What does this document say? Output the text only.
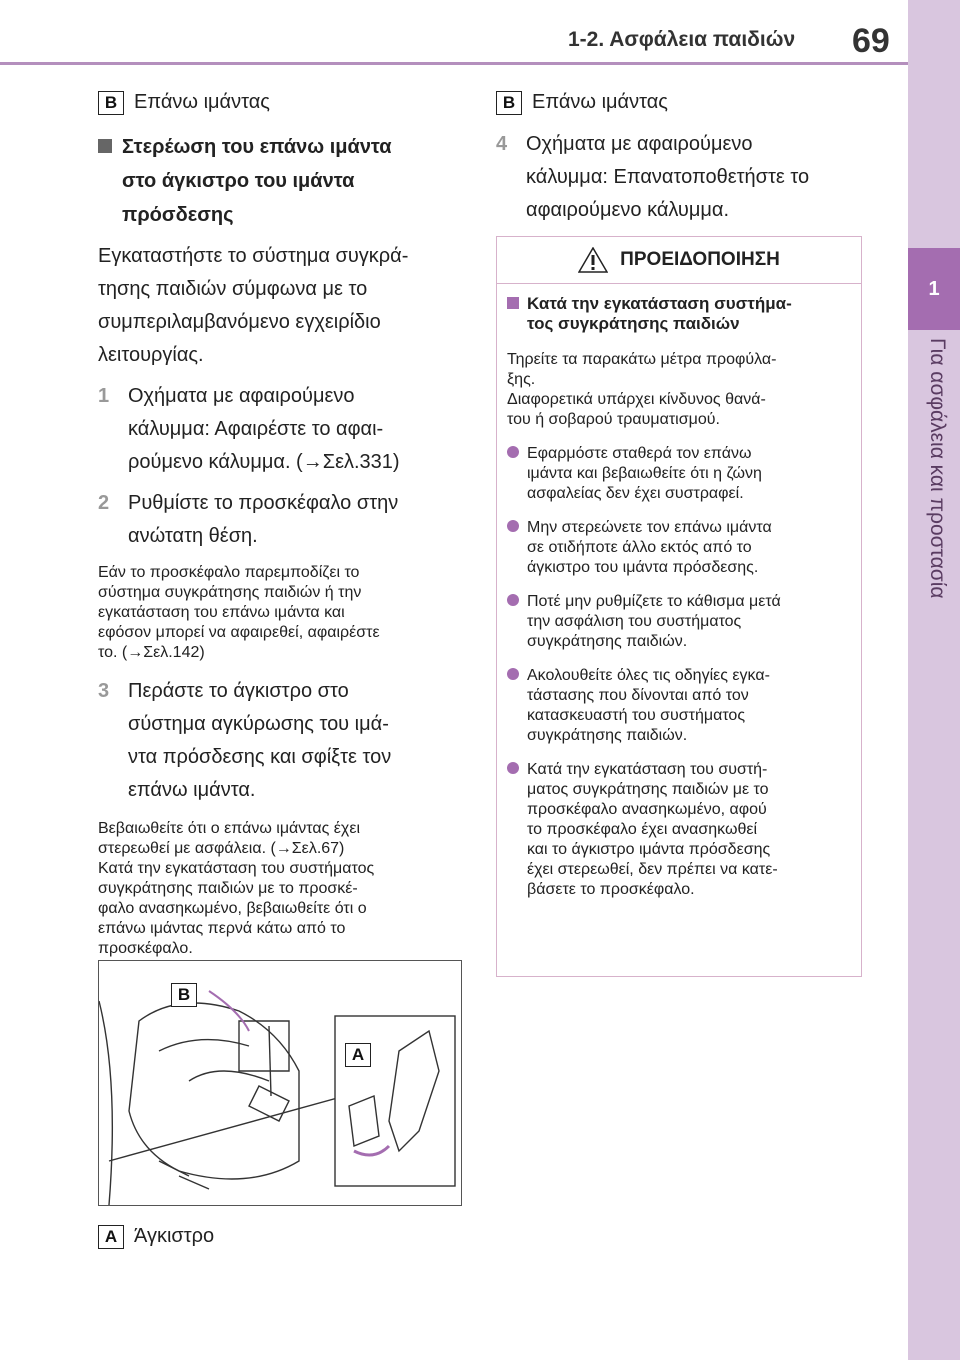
1-2. Ασφάλεια παιδιών 69
1
Για ασφάλεια και προστασία
B Επάνω ιμάντας
Στερέωση του επάνω ιμάντα
στο άγκιστρο του ιμάντα
πρόσδεσης
Εγκαταστήστε το σύστημα συγκρά-
τησης παιδιών σύμφωνα με το
συμπεριλαμβανόμενο εγχειρίδιο
λειτουργίας.
1 Οχήματα με αφαιρούμενο
κάλυμμα: Αφαιρέστε το αφαι-
ρούμενο κάλυμμα. (→Σελ.331)
2 Ρυθμίστε το προσκέφαλο στην
ανώτατη θέση.
Εάν το προσκέφαλο παρεμποδίζει το
σύστημα συγκράτησης παιδιών ή την
εγκατάσταση του επάνω ιμάντα και
εφόσον μπορεί να αφαιρεθεί, αφαιρέστε
το. (→Σελ.142)
3 Περάστε το άγκιστρο στο
σύστημα αγκύρωσης του ιμά-
ντα πρόσδεσης και σφίξτε τον
επάνω ιμάντα.
Βεβαιωθείτε ότι ο επάνω ιμάντας έχει
στερεωθεί με ασφάλεια. (→Σελ.67)
Κατά την εγκατάσταση του συστήματος
συγκράτησης παιδιών με το προσκέ-
φαλο ανασηκωμένο, βεβαιωθείτε ότι ο
επάνω ιμάντας περνά κάτω από το
προσκέφαλο.
B
A
A Άγκιστρο
B Επάνω ιμάντας
4 Οχήματα με αφαιρούμενο
κάλυμμα: Επανατοποθετήστε το
αφαιρούμενο κάλυμμα.
ΠΡΟΕΙΔΟΠΟΙΗΣΗ
Κατά την εγκατάσταση συστήμα-
τος συγκράτησης παιδιών
Τηρείτε τα παρακάτω μέτρα προφύλα-
ξης.
Διαφορετικά υπάρχει κίνδυνος θανά-
του ή σοβαρού τραυματισμού.
Εφαρμόστε σταθερά τον επάνω
ιμάντα και βεβαιωθείτε ότι η ζώνη
ασφαλείας δεν έχει συστραφεί.
Μην στερεώνετε τον επάνω ιμάντα
σε οτιδήποτε άλλο εκτός από το
άγκιστρο του ιμάντα πρόσδεσης.
Ποτέ μην ρυθμίζετε το κάθισμα μετά
την ασφάλιση του συστήματος
συγκράτησης παιδιών.
Ακολουθείτε όλες τις οδηγίες εγκα-
τάστασης που δίνονται από τον
κατασκευαστή του συστήματος
συγκράτησης παιδιών.
Κατά την εγκατάσταση του συστή-
ματος συγκράτησης παιδιών με το
προσκέφαλο ανασηκωμένο, αφού
το προσκέφαλο έχει ανασηκωθεί
και το άγκιστρο ιμάντα πρόσδεσης
έχει στερεωθεί, δεν πρέπει να κατε-
βάσετε το προσκέφαλο.
